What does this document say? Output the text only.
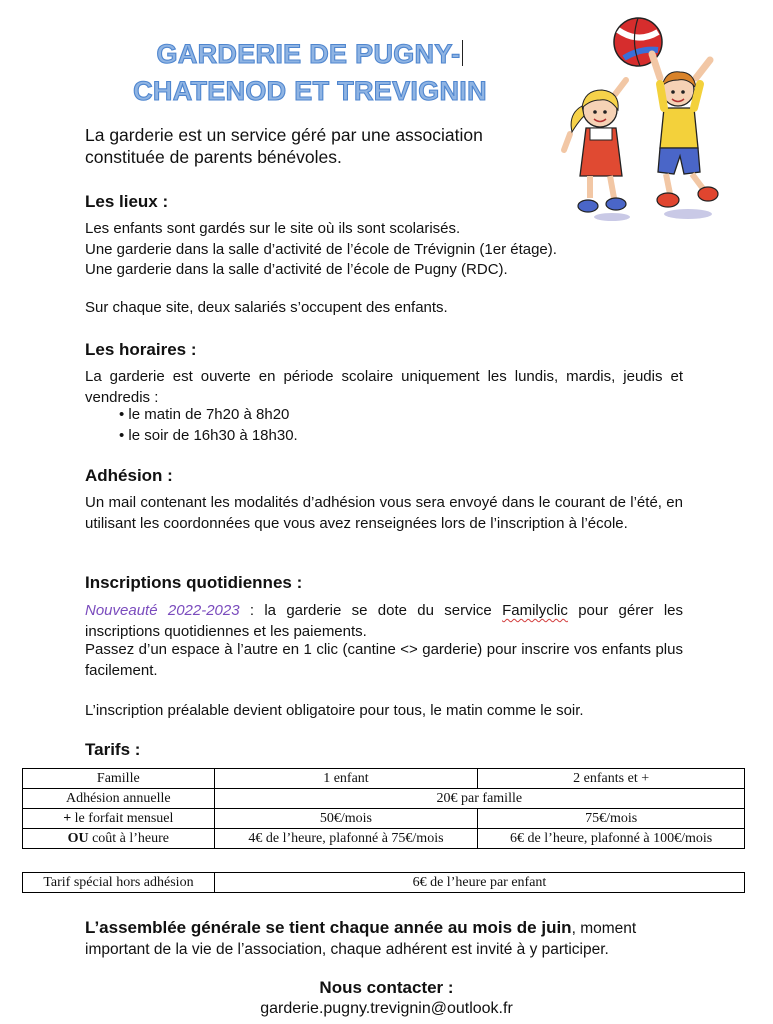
GARDERIE DE PUGNY-
CHATENOD ET TREVIGNIN
La garderie est un service géré par une association constituée de parents bénévoles.
Les lieux :
Les enfants sont gardés sur le site où ils sont scolarisés.
Une garderie dans la salle d’activité de l’école de Trévignin (1er étage).
Une garderie dans la salle d’activité de l’école de Pugny (RDC).
Sur chaque site, deux salariés s’occupent des enfants.
Les horaires :
La garderie est ouverte en période scolaire uniquement les lundis, mardis, jeudis et vendredis :
• le matin de 7h20 à 8h20
• le soir de 16h30 à 18h30.
Adhésion :
Un mail contenant les modalités d’adhésion vous sera envoyé dans le courant de l’été, en utilisant les coordonnées que vous avez renseignées lors de l’inscription à l’école.
Inscriptions quotidiennes :
Nouveauté 2022-2023 : la garderie se dote du service Familyclic pour gérer les inscriptions quotidiennes et les paiements.
Passez d’un espace à l’autre en 1 clic (cantine <> garderie) pour inscrire vos enfants plus facilement.
L’inscription préalable devient obligatoire pour tous, le matin comme le soir.
Tarifs :
Famille	1 enfant	2 enfants et +
Adhésion annuelle	20€ par famille	
+ le forfait mensuel	50€/mois	75€/mois
OU coût à l’heure	4€ de l’heure, plafonné à 75€/mois	6€ de l’heure, plafonné à 100€/mois
Tarif spécial hors adhésion	6€ de l’heure par enfant
L’assemblée générale se tient chaque année au mois de juin, moment important de la vie de l’association, chaque adhérent est invité à y participer.
Nous contacter :
garderie.pugny.trevignin@outlook.fr
